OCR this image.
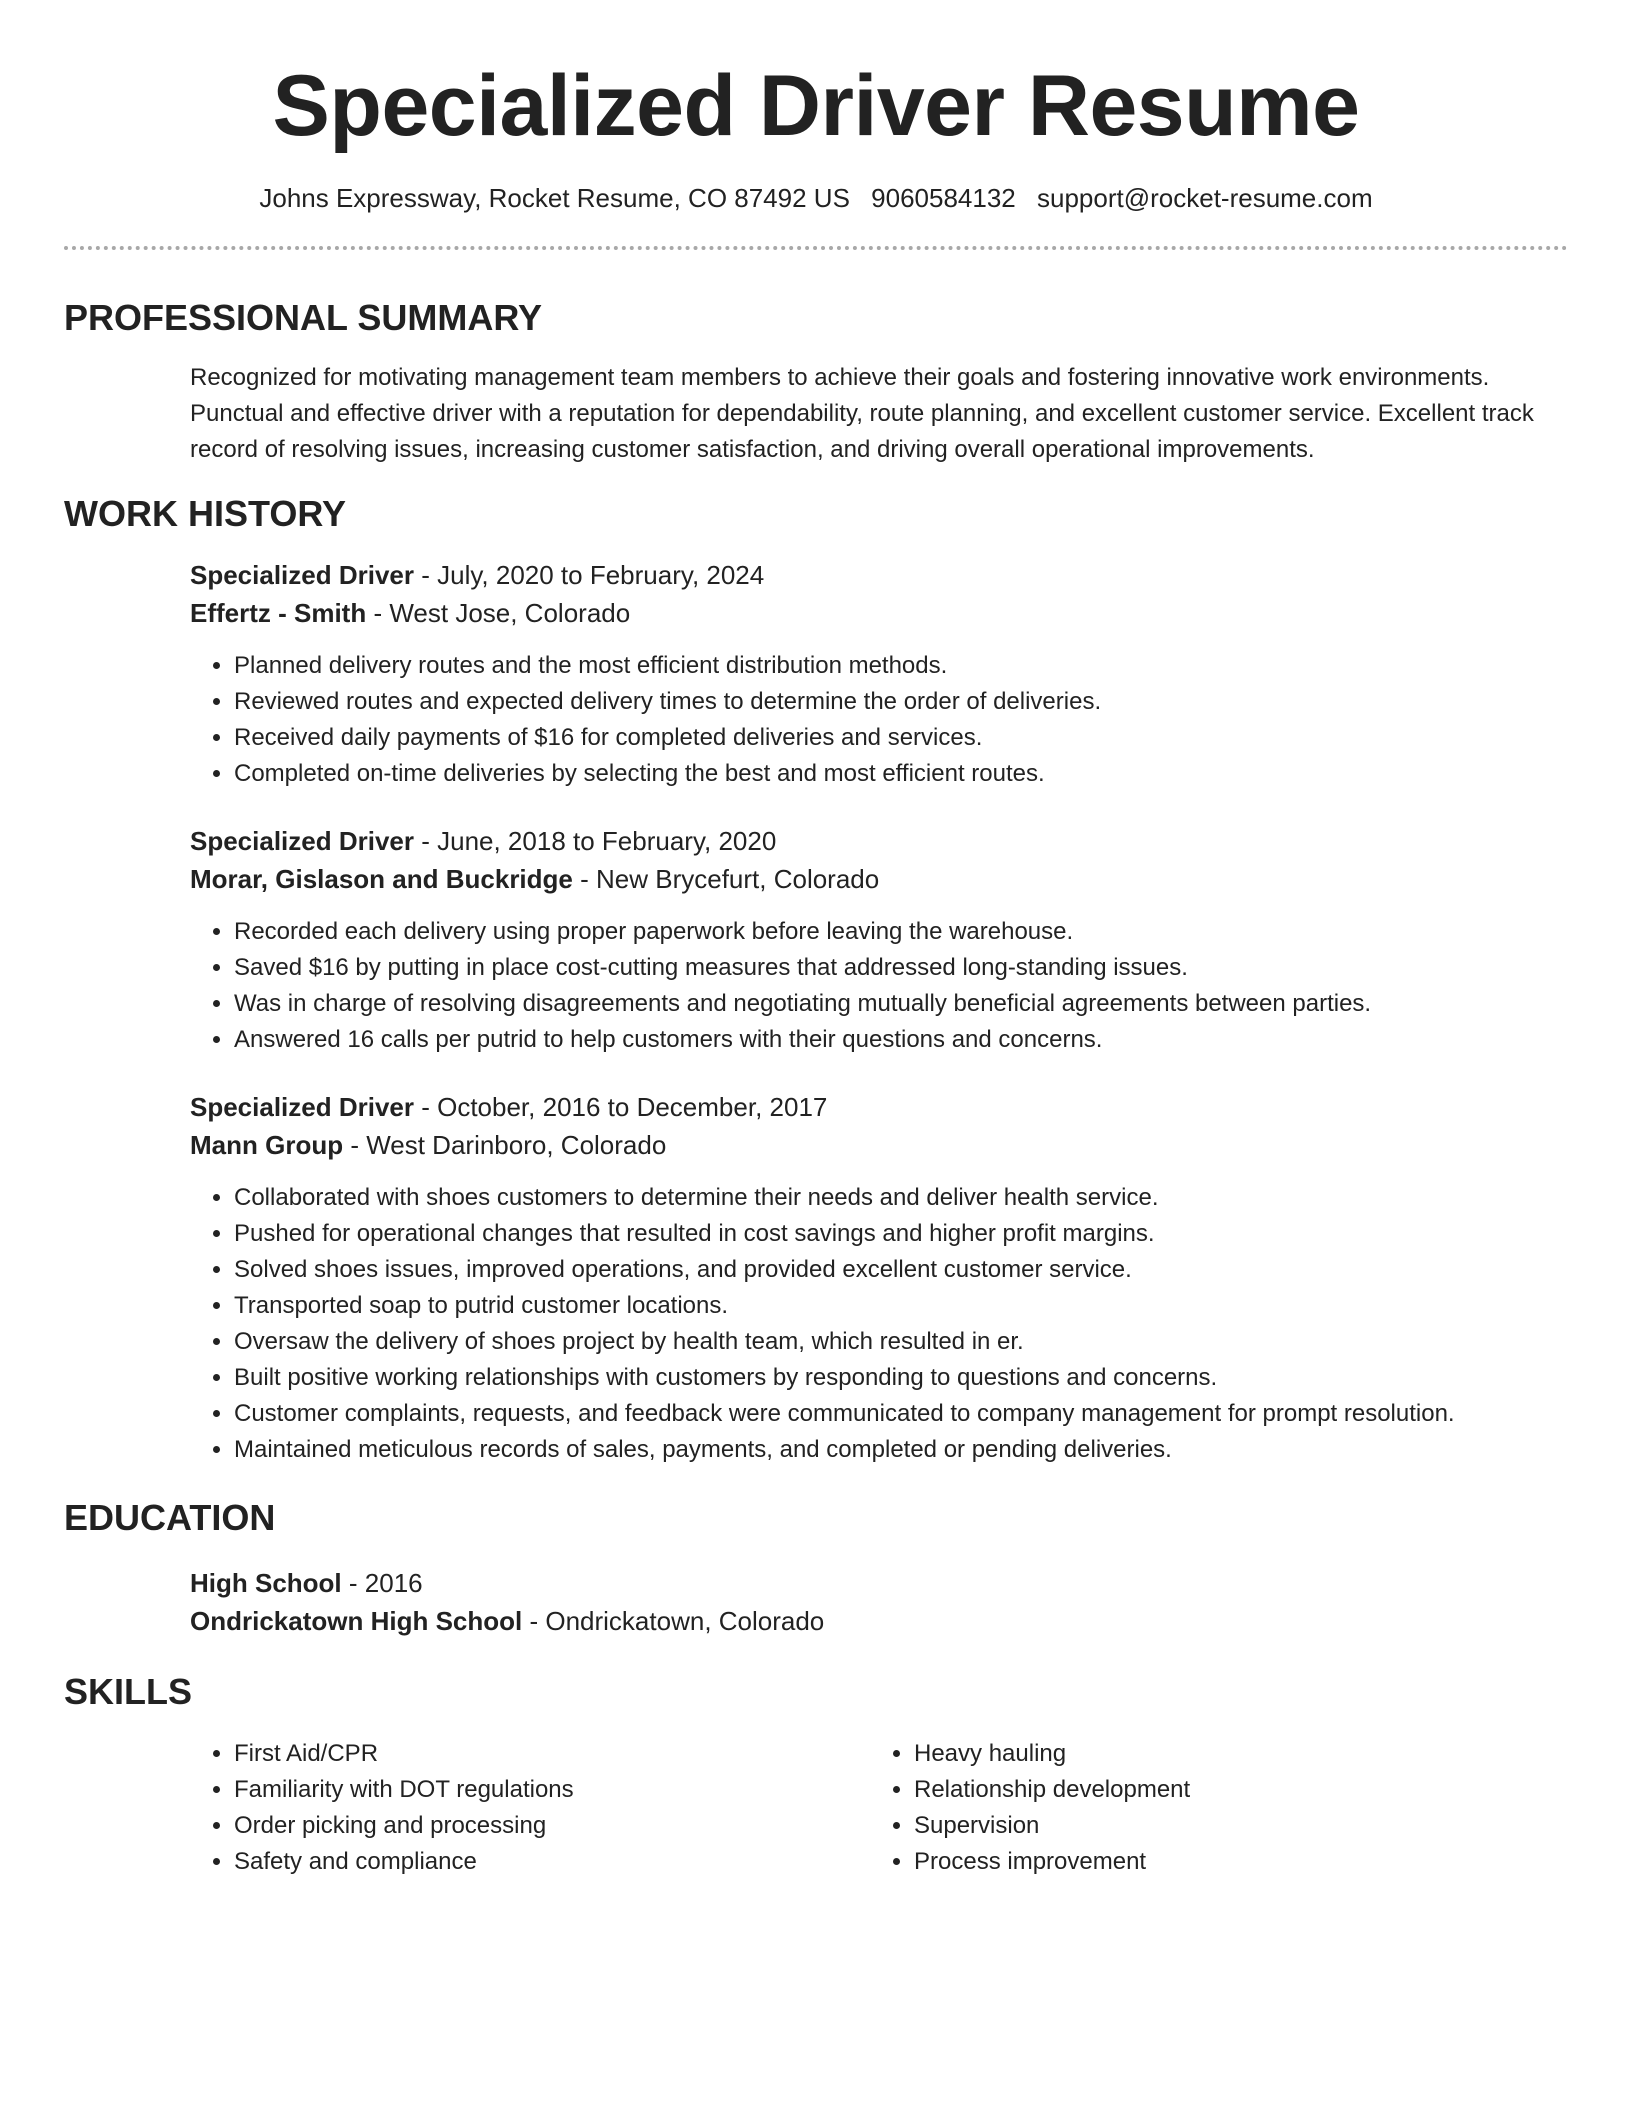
Specialized Driver Resume
Johns Expressway, Rocket Resume, CO 87492 US 9060584132 support@rocket-resume.com
PROFESSIONAL SUMMARY
Recognized for motivating management team members to achieve their goals and fostering innovative work environments. Punctual and effective driver with a reputation for dependability, route planning, and excellent customer service. Excellent track record of resolving issues, increasing customer satisfaction, and driving overall operational improvements.
WORK HISTORY
Specialized Driver - July, 2020 to February, 2024
Effertz - Smith - West Jose, Colorado
• Planned delivery routes and the most efficient distribution methods.
• Reviewed routes and expected delivery times to determine the order of deliveries.
• Received daily payments of $16 for completed deliveries and services.
• Completed on-time deliveries by selecting the best and most efficient routes.
Specialized Driver - June, 2018 to February, 2020
Morar, Gislason and Buckridge - New Brycefurt, Colorado
• Recorded each delivery using proper paperwork before leaving the warehouse.
• Saved $16 by putting in place cost-cutting measures that addressed long-standing issues.
• Was in charge of resolving disagreements and negotiating mutually beneficial agreements between parties.
• Answered 16 calls per putrid to help customers with their questions and concerns.
Specialized Driver - October, 2016 to December, 2017
Mann Group - West Darinboro, Colorado
• Collaborated with shoes customers to determine their needs and deliver health service.
• Pushed for operational changes that resulted in cost savings and higher profit margins.
• Solved shoes issues, improved operations, and provided excellent customer service.
• Transported soap to putrid customer locations.
• Oversaw the delivery of shoes project by health team, which resulted in er.
• Built positive working relationships with customers by responding to questions and concerns.
• Customer complaints, requests, and feedback were communicated to company management for prompt resolution.
• Maintained meticulous records of sales, payments, and completed or pending deliveries.
EDUCATION
High School - 2016
Ondrickatown High School - Ondrickatown, Colorado
SKILLS
• First Aid/CPR
• Familiarity with DOT regulations
• Order picking and processing
• Safety and compliance
• Heavy hauling
• Relationship development
• Supervision
• Process improvement
